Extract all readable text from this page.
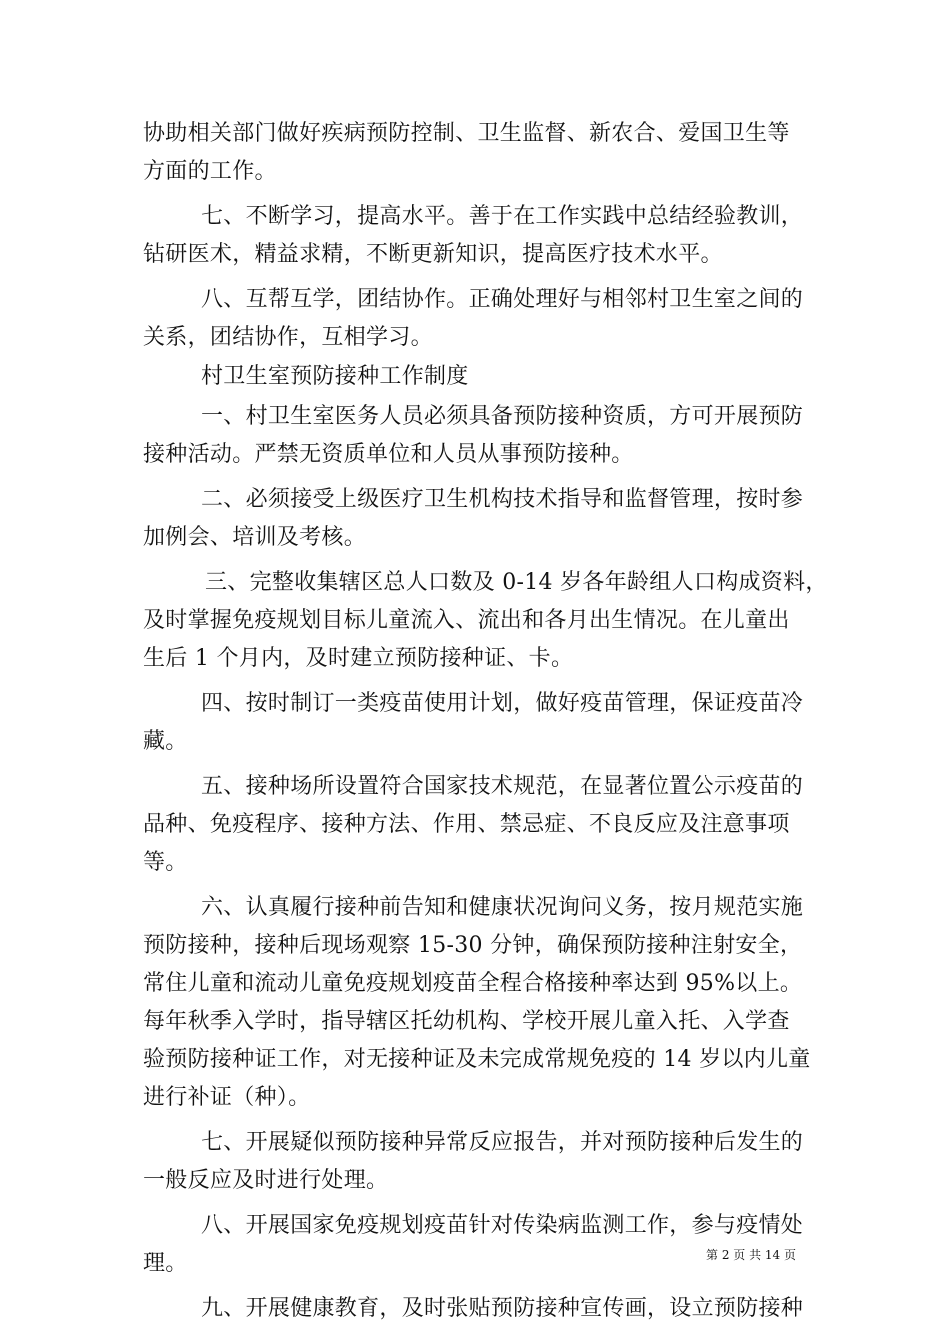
协助相关部门做好疾病预防控制、卫生监督、新农合、爱国卫生等
方面的工作。
七、不断学习，提高水平。善于在工作实践中总结经验教训，
钻研医术，精益求精，不断更新知识，提高医疗技术水平。
八、互帮互学，团结协作。正确处理好与相邻村卫生室之间的
关系，团结协作，互相学习。
村卫生室预防接种工作制度
一、村卫生室医务人员必须具备预防接种资质，方可开展预防
接种活动。严禁无资质单位和人员从事预防接种。
二、必须接受上级医疗卫生机构技术指导和监督管理，按时参
加例会、培训及考核。
三、完整收集辖区总人口数及 0-14 岁各年龄组人口构成资料，
及时掌握免疫规划目标儿童流入、流出和各月出生情况。在儿童出
生后 1 个月内，及时建立预防接种证、卡。
四、按时制订一类疫苗使用计划，做好疫苗管理，保证疫苗冷
藏。
五、接种场所设置符合国家技术规范，在显著位置公示疫苗的
品种、免疫程序、接种方法、作用、禁忌症、不良反应及注意事项
等。
六、认真履行接种前告知和健康状况询问义务，按月规范实施
预防接种，接种后现场观察 15-30 分钟，确保预防接种注射安全，
常住儿童和流动儿童免疫规划疫苗全程合格接种率达到 95%以上。
每年秋季入学时，指导辖区托幼机构、学校开展儿童入托、入学查
验预防接种证工作，对无接种证及未完成常规免疫的 14 岁以内儿童
进行补证（种）。
七、开展疑似预防接种异常反应报告，并对预防接种后发生的
一般反应及时进行处理。
八、开展国家免疫规划疫苗针对传染病监测工作，参与疫情处
理。
九、开展健康教育，及时张贴预防接种宣传画，设立预防接种
第 2 页 共 14 页
